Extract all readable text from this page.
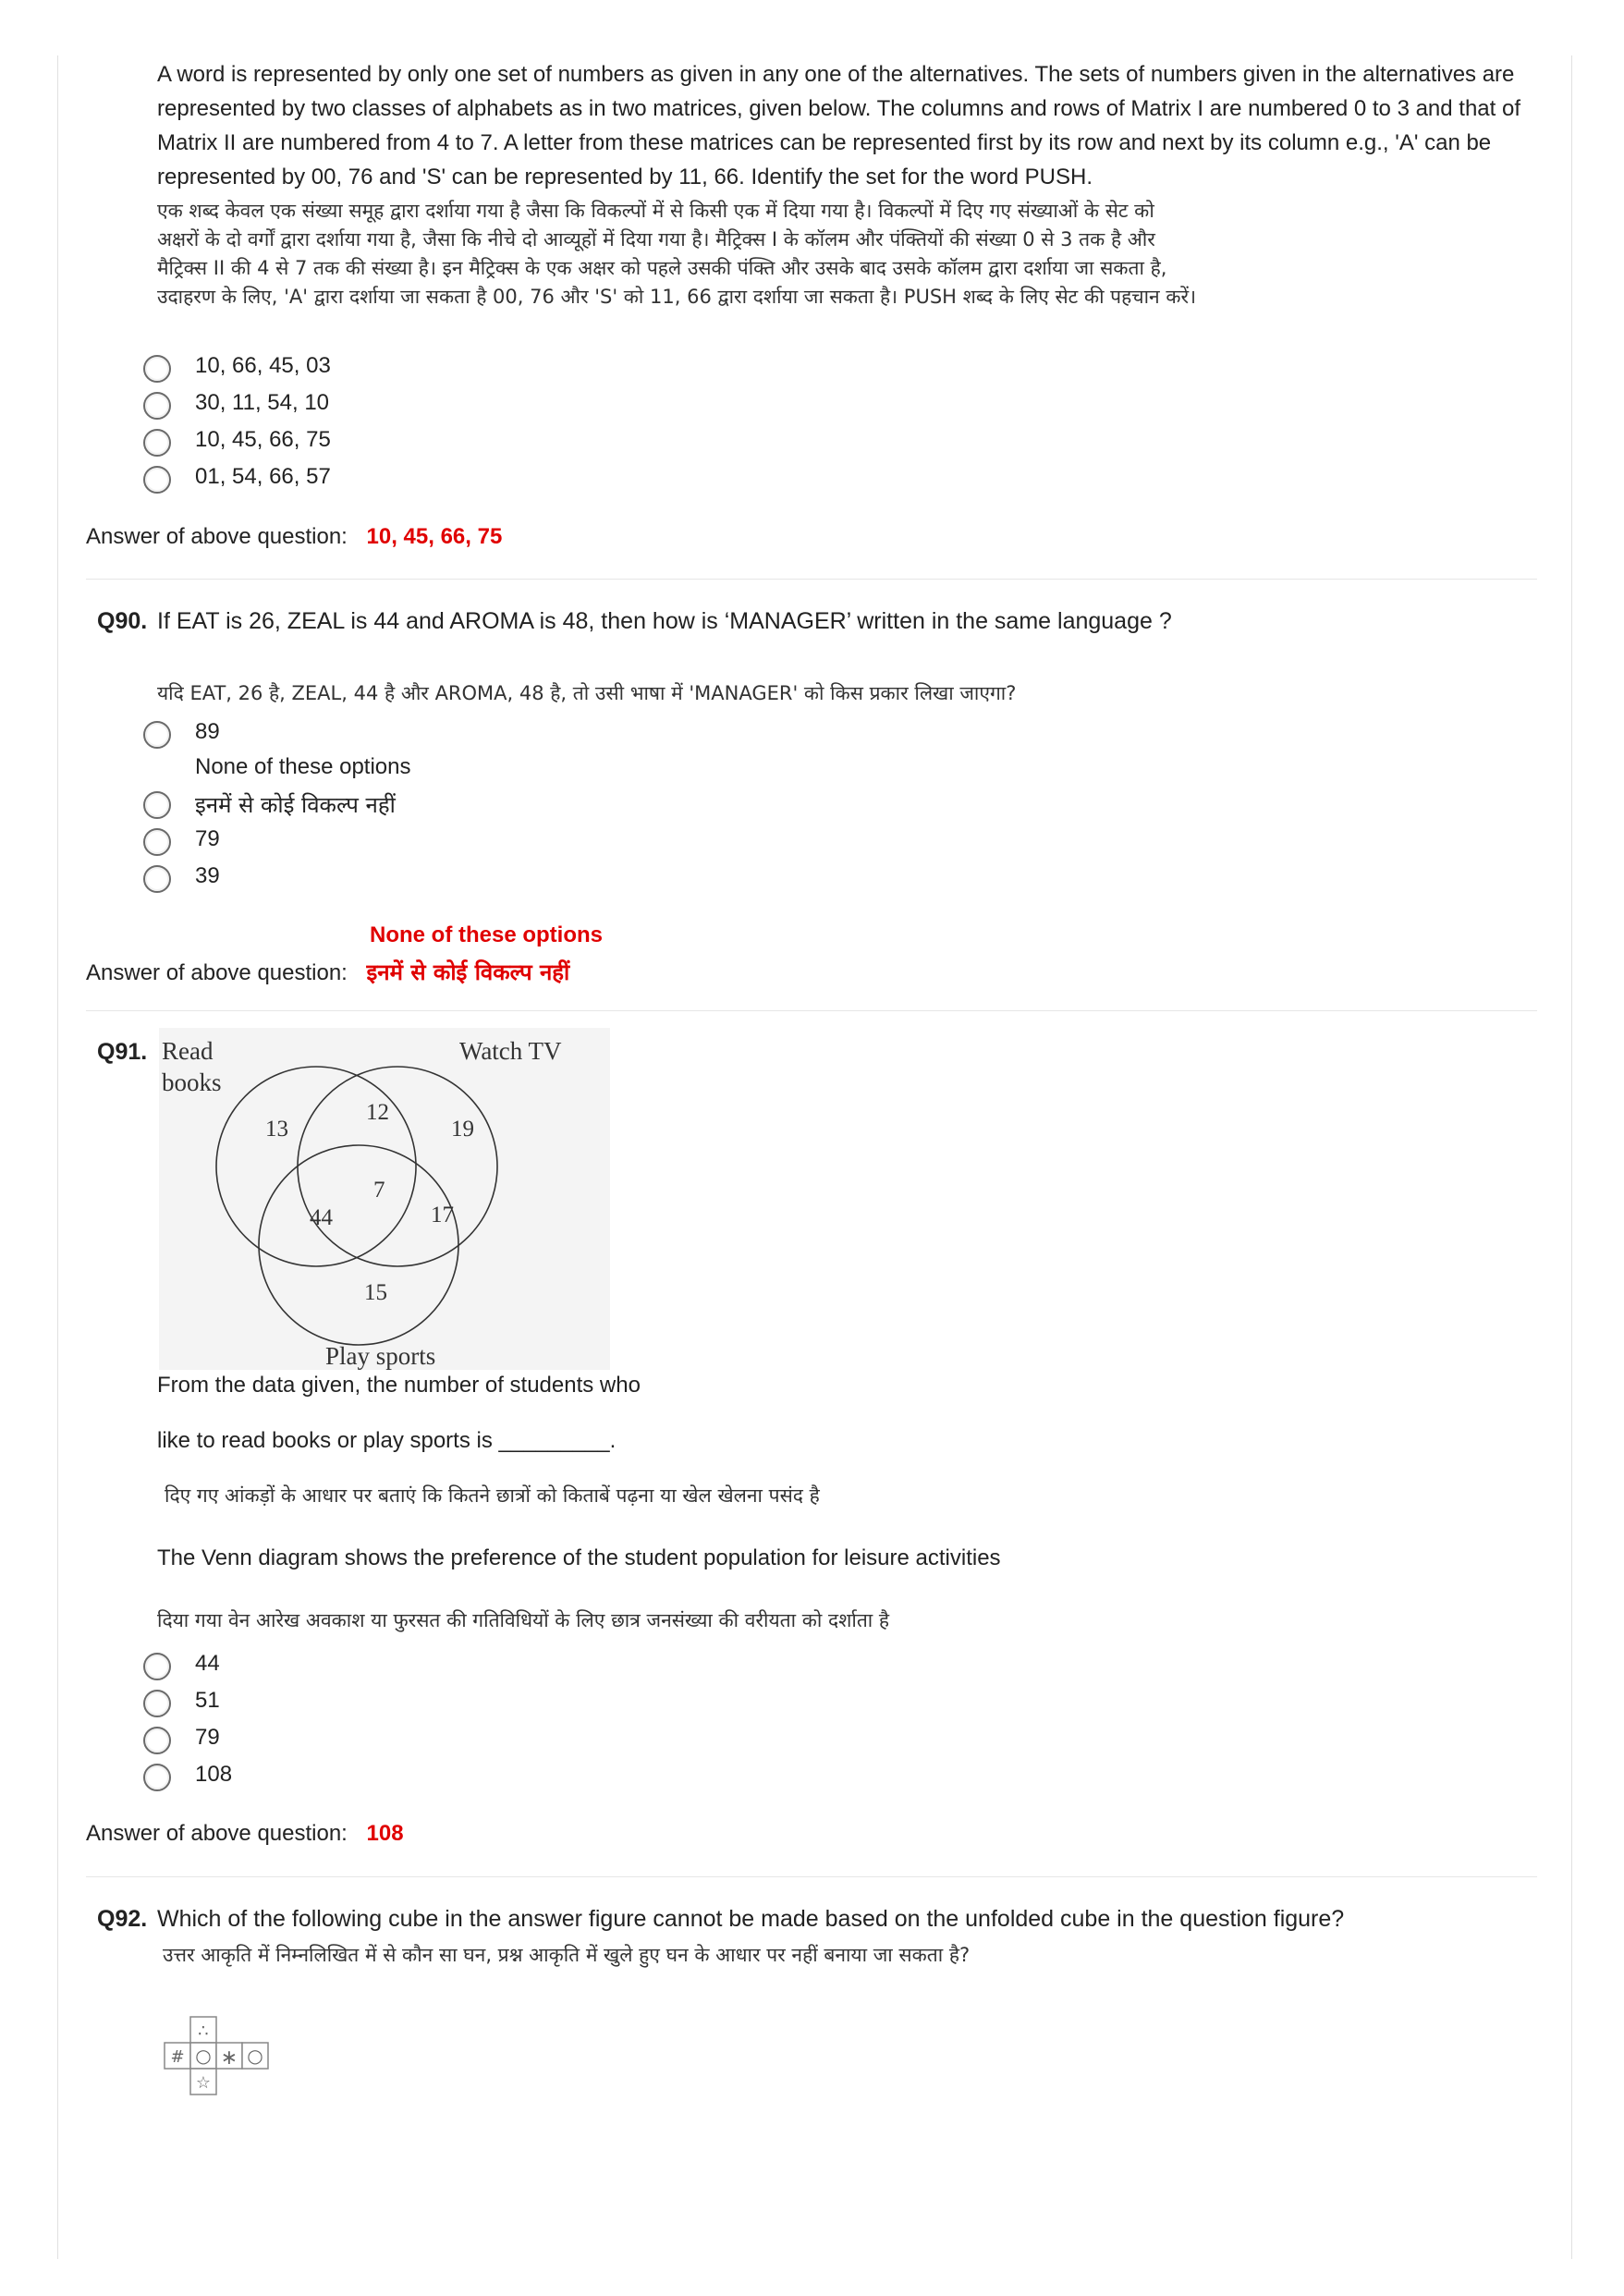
A word is represented by only one set of numbers as given in any one of the alternatives. The sets of numbers given in the alternatives are represented by two classes of alphabets as in two matrices, given below. The columns and rows of Matrix I are numbered 0 to 3 and that of Matrix II are numbered from 4 to 7. A letter from these matrices can be represented first by its row and next by its column e.g., 'A' can be represented by 00, 76 and 'S' can be represented by 11, 66. Identify the set for the word PUSH.
एक शब्द केवल एक संख्या समूह द्वारा दर्शाया गया है जैसा कि विकल्पों में से किसी एक में दिया गया है। विकल्पों में दिए गए संख्याओं के सेट को अक्षरों के दो वर्गों द्वारा दर्शाया गया है, जैसा कि नीचे दो आव्यूहों में दिया गया है। मैट्रिक्स I के कॉलम और पंक्तियों की संख्या 0 से 3 तक है और मैट्रिक्स II की 4 से 7 तक की संख्या है। इन मैट्रिक्स के एक अक्षर को पहले उसकी पंक्ति और उसके बाद उसके कॉलम द्वारा दर्शाया जा सकता है, उदाहरण के लिए, 'A' द्वारा दर्शाया जा सकता है 00, 76 और 'S' को 11, 66 द्वारा दर्शाया जा सकता है। PUSH शब्द के लिए सेट की पहचान करें।
10, 66, 45, 03
30, 11, 54, 10
10, 45, 66, 75
01, 54, 66, 57
Answer of above question: 10, 45, 66, 75
Q90. If EAT is 26, ZEAL is 44 and AROMA is 48, then how is ‘MANAGER’ written in the same language ?
यदि EAT, 26 है, ZEAL, 44 है और AROMA, 48 है, तो उसी भाषा में 'MANAGER' को किस प्रकार लिखा जाएगा?
89
None of these options
इनमें से कोई विकल्प नहीं
79
39
None of these options
Answer of above question: इनमें से कोई विकल्प नहीं
Q91. Read
books
Watch TV
Play sports
13
12
19
7
44	17
15
From the data given, the number of students who
like to read books or play sports is _________.
दिए गए आंकड़ों के आधार पर बताएं कि कितने छात्रों को किताबें पढ़ना या खेल खेलना पसंद है
The Venn diagram shows the preference of the student population for leisure activities
दिया गया वेन आरेख अवकाश या फुरसत की गतिविधियों के लिए छात्र जनसंख्या की वरीयता को दर्शाता है
44
51
79
108
Answer of above question: 108
Q92. Which of the following cube in the answer figure cannot be made based on the unfolded cube in the question figure?
उत्तर आकृति में निम्नलिखित में से कौन सा घन, प्रश्न आकृति में खुले हुए घन के आधार पर नहीं बनाया जा सकता है?
∴
# ○ ∗ ○
☆
